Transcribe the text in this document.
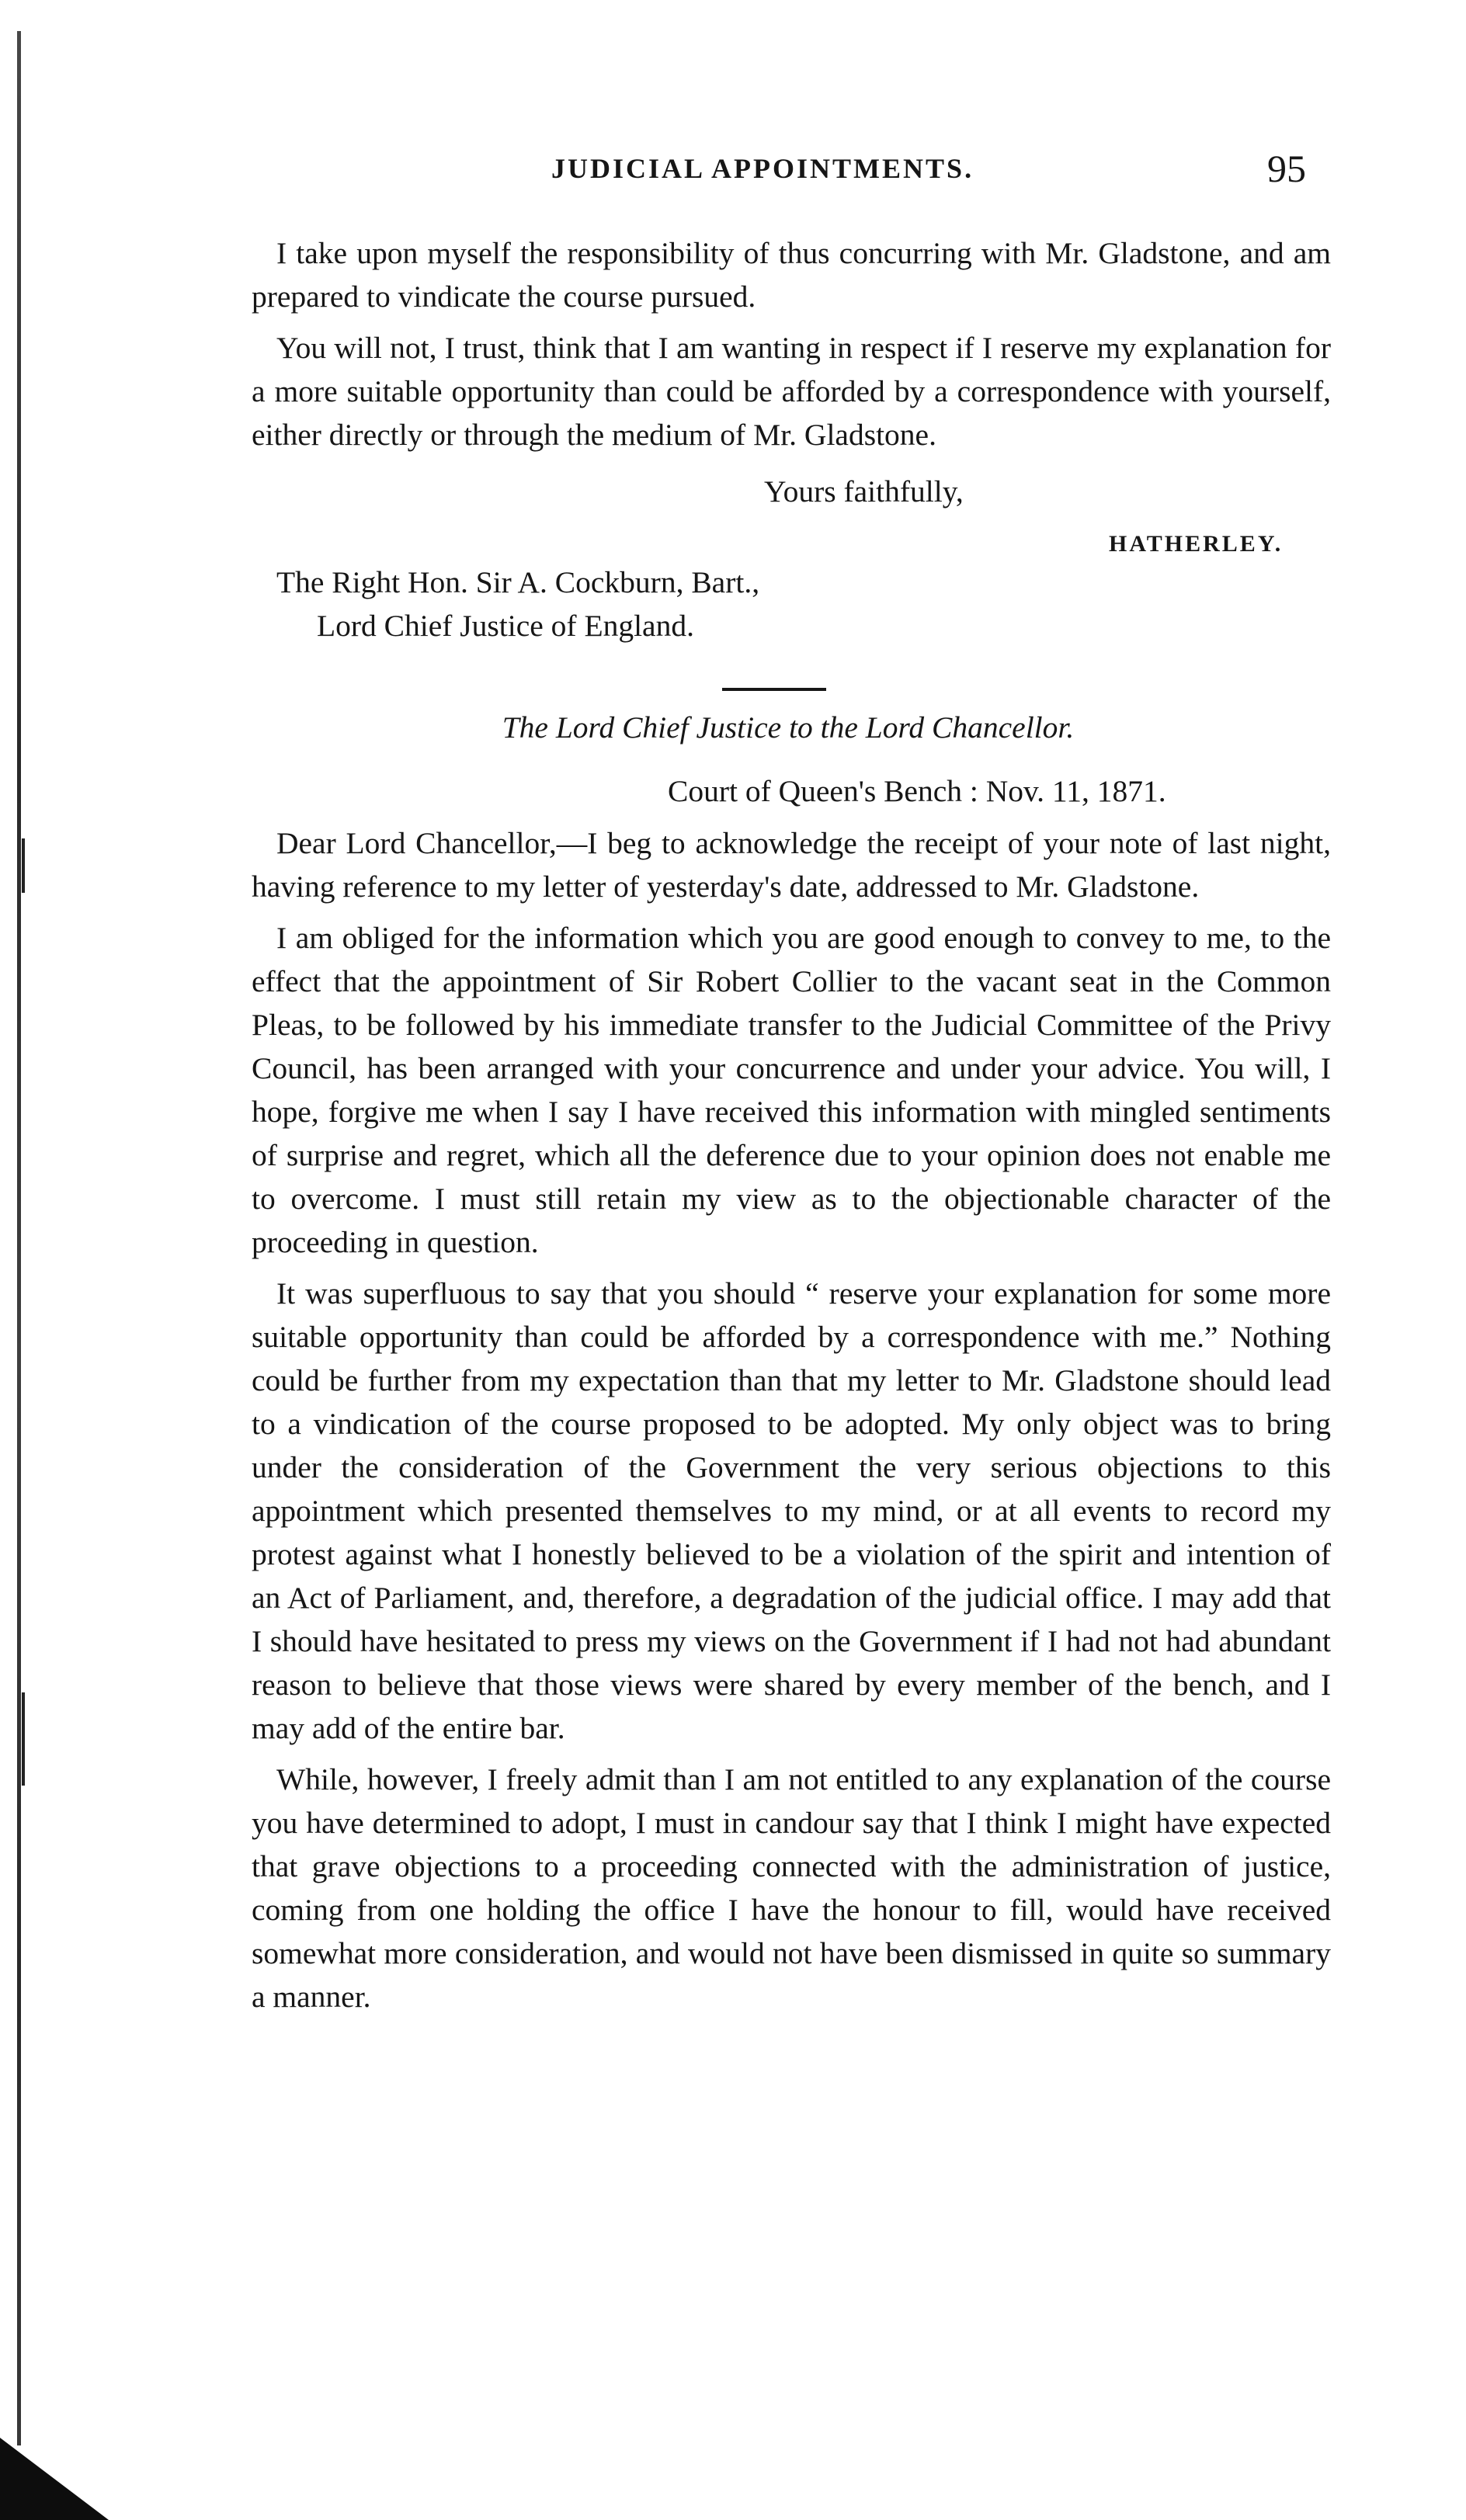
JUDICIAL APPOINTMENTS.	95

I take upon myself the responsibility of thus concurring with Mr. Gladstone, and am prepared to vindicate the course pursued.

You will not, I trust, think that I am wanting in respect if I reserve my explanation for a more suitable opportunity than could be afforded by a correspondence with yourself, either directly or through the medium of Mr. Gladstone.

Yours faithfully,
HATHERLEY.
The Right Hon. Sir A. Cockburn, Bart.,
Lord Chief Justice of England.
The Lord Chief Justice to the Lord Chancellor.
Court of Queen's Bench : Nov. 11, 1871.

Dear Lord Chancellor,—I beg to acknowledge the receipt of your note of last night, having reference to my letter of yesterday's date, addressed to Mr. Gladstone.

I am obliged for the information which you are good enough to convey to me, to the effect that the appointment of Sir Robert Collier to the vacant seat in the Common Pleas, to be followed by his immediate transfer to the Judicial Committee of the Privy Council, has been arranged with your concurrence and under your advice. You will, I hope, forgive me when I say I have received this information with mingled sentiments of surprise and regret, which all the deference due to your opinion does not enable me to overcome. I must still retain my view as to the objectionable character of the proceeding in question.

It was superfluous to say that you should “ reserve your explanation for some more suitable opportunity than could be afforded by a correspondence with me.” Nothing could be further from my expectation than that my letter to Mr. Gladstone should lead to a vindication of the course proposed to be adopted. My only object was to bring under the consideration of the Government the very serious objections to this appointment which presented themselves to my mind, or at all events to record my protest against what I honestly believed to be a violation of the spirit and intention of an Act of Parliament, and, therefore, a degradation of the judicial office. I may add that I should have hesitated to press my views on the Government if I had not had abundant reason to believe that those views were shared by every member of the bench, and I may add of the entire bar.

While, however, I freely admit than I am not entitled to any explanation of the course you have determined to adopt, I must in candour say that I think I might have expected that grave objections to a proceeding connected with the administration of justice, coming from one holding the office I have the honour to fill, would have received somewhat more consideration, and would not have been dismissed in quite so summary a manner.
